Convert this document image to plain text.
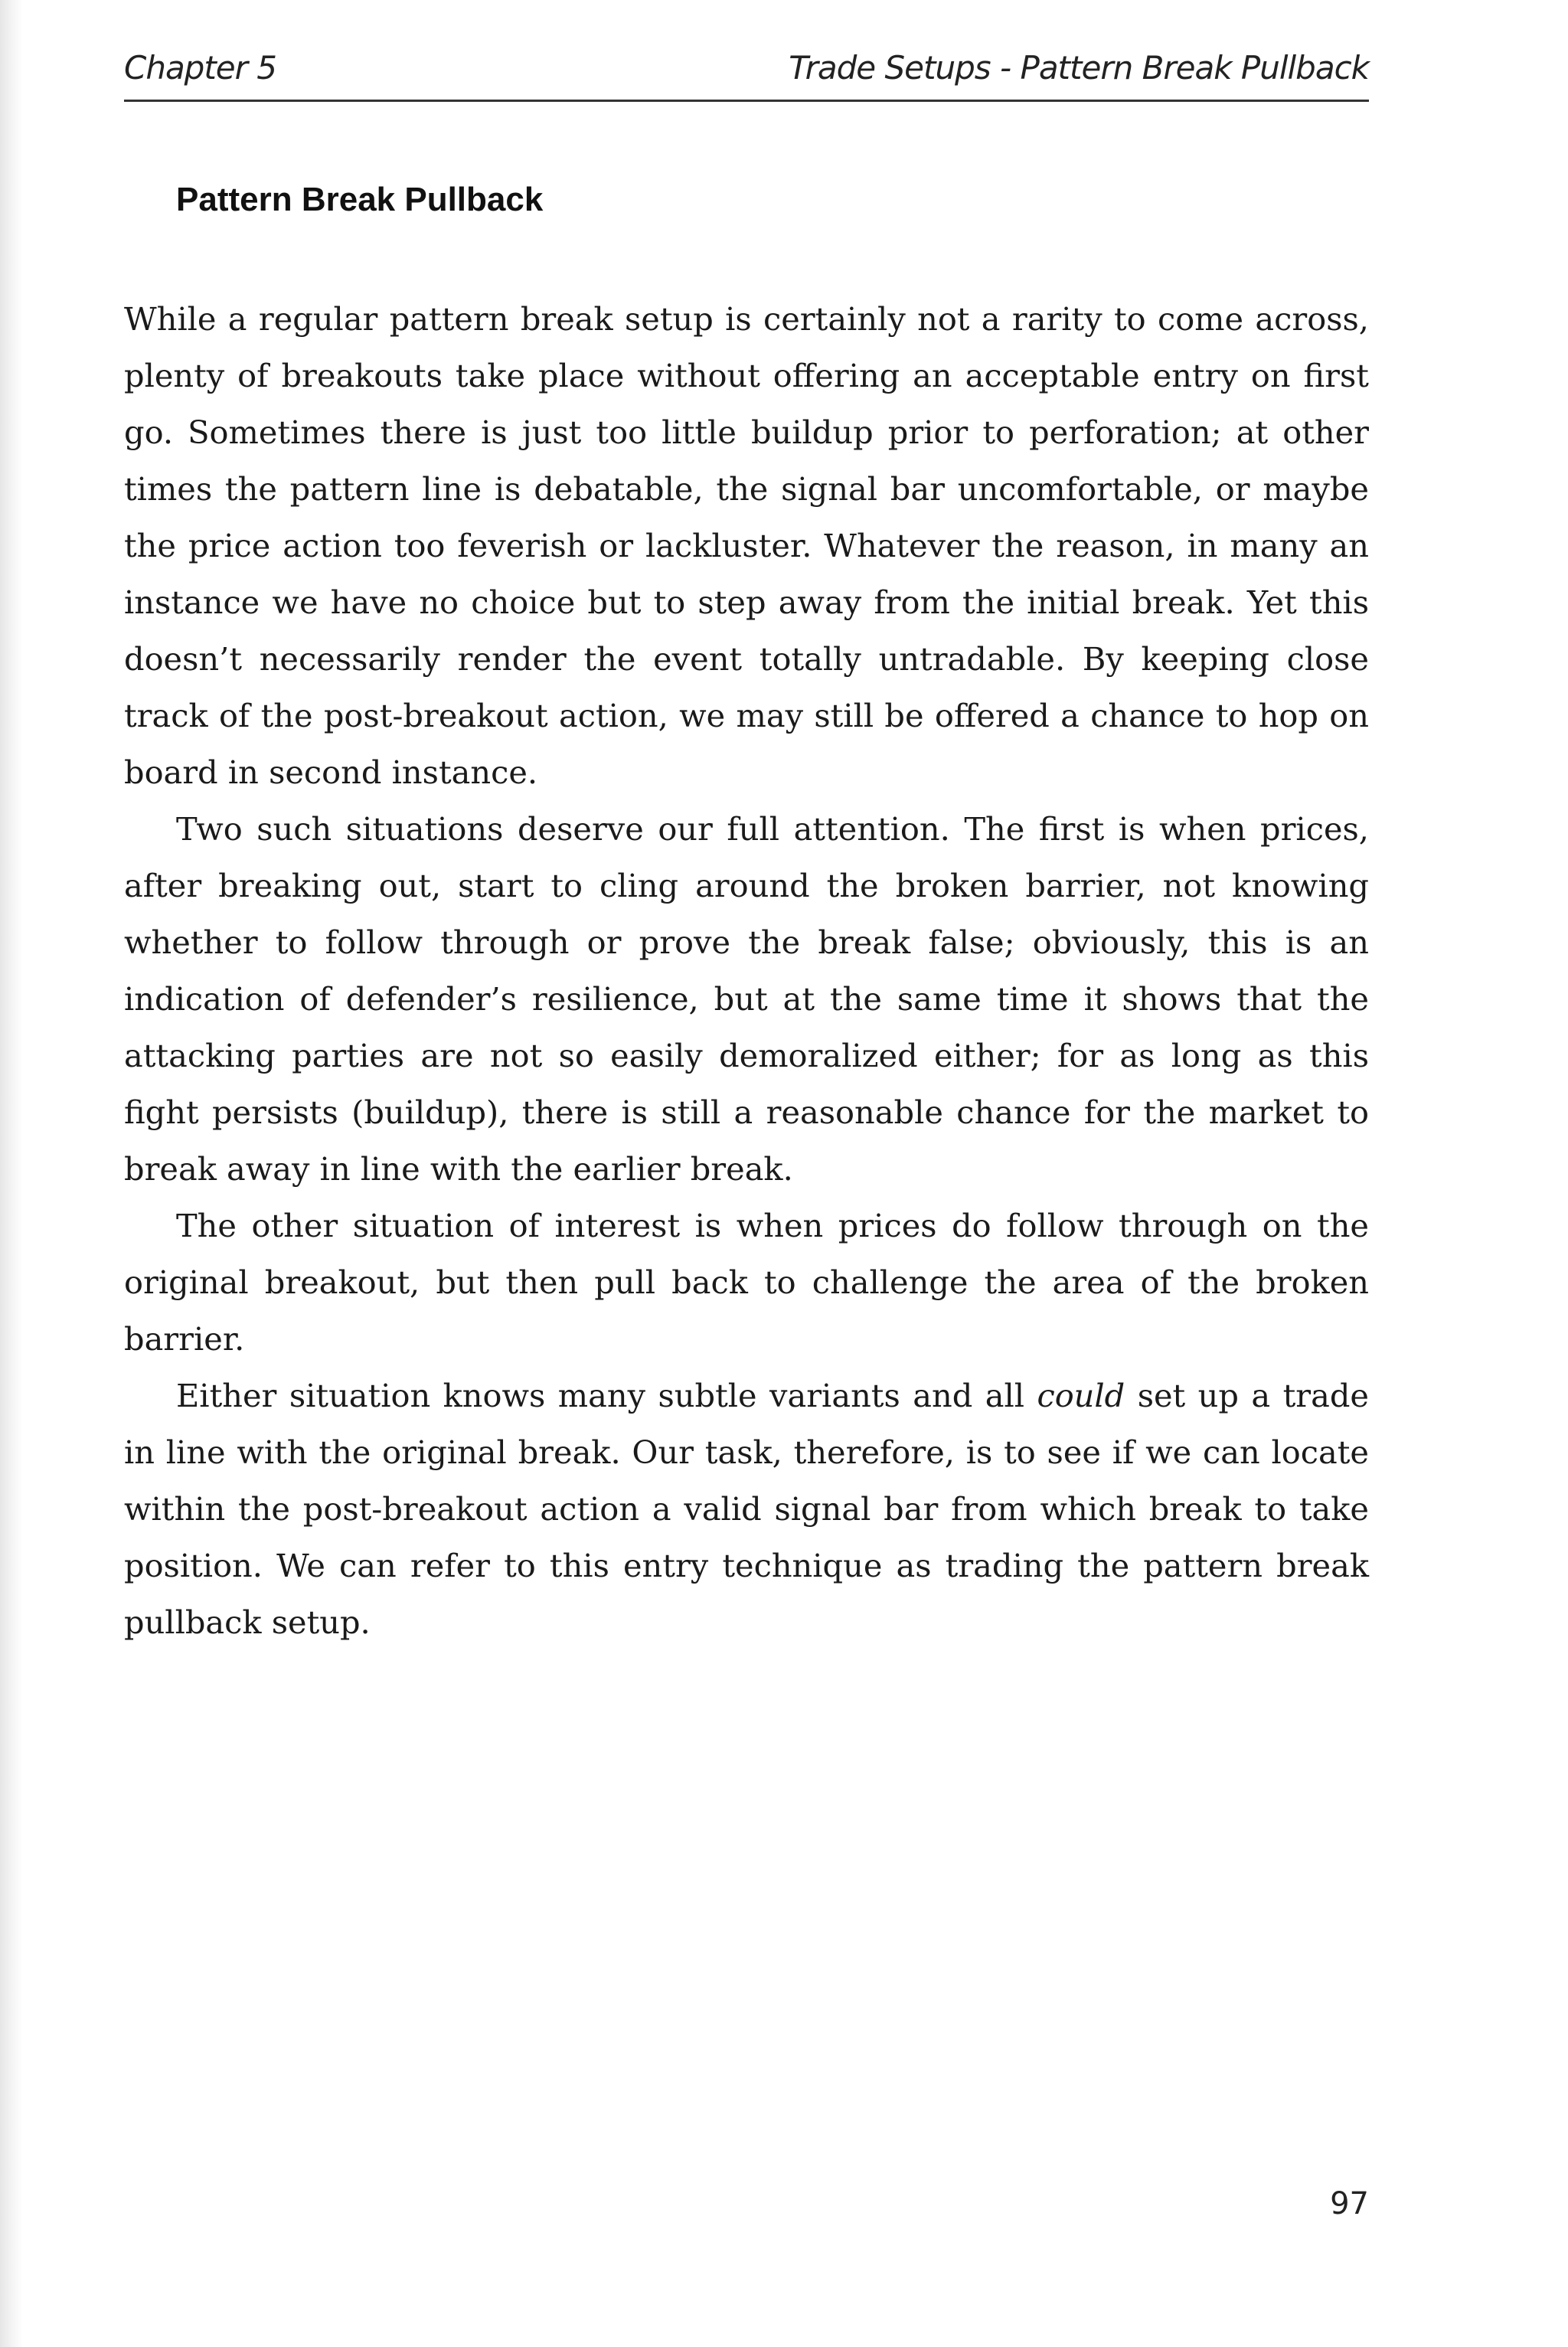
Chapter 5	Trade Setups - Pattern Break Pullback
Pattern Break Pullback

While a regular pattern break setup is certainly not a rarity to come across, plenty of breakouts take place without offering an acceptable entry on first go. Sometimes there is just too little buildup prior to perforation; at other times the pattern line is debatable, the signal bar uncomfortable, or maybe the price action too feverish or lackluster. Whatever the reason, in many an instance we have no choice but to step away from the initial break. Yet this doesn’t necessarily render the event totally untradable. By keeping close track of the post-breakout action, we may still be offered a chance to hop on board in second instance.

Two such situations deserve our full attention. The first is when prices, after breaking out, start to cling around the broken barrier, not knowing whether to follow through or prove the break false; obviously, this is an indication of defender’s resilience, but at the same time it shows that the attacking parties are not so easily demoralized either; for as long as this fight persists (buildup), there is still a reasonable chance for the market to break away in line with the earlier break.

The other situation of interest is when prices do follow through on the original breakout, but then pull back to challenge the area of the broken barrier.

Either situation knows many subtle variants and all could set up a trade in line with the original break. Our task, therefore, is to see if we can locate within the post-breakout action a valid signal bar from which break to take position. We can refer to this entry technique as trading the pattern break pullback setup.

97
